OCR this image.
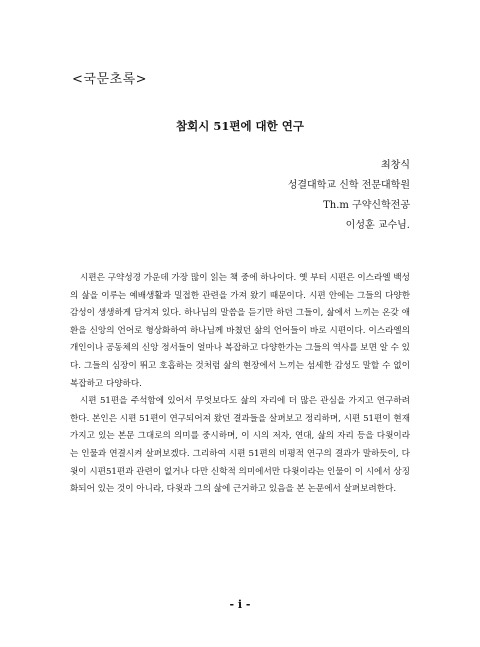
<국문초록>
참회시 51편에 대한 연구
최창식
성결대학교 신학 전문대학원
Th.m 구약신학전공
이성훈 교수님.

시편은 구약성경 가운데 가장 많이 읽는 책 중에 하나이다. 옛 부터 시편은 이스라엘 백성의 삶을 이루는 예배생활과 밀접한 관련을 가져 왔기 때문이다. 시편 안에는 그들의 다양한 감성이 생생하게 담겨져 있다. 하나님의 말씀을 듣기만 하던 그들이, 삶에서 느끼는 온갖 애환을 신앙의 언어로 형상화하여 하나님께 바쳤던 삶의 언어들이 바로 시편이다. 이스라엘의 개인이나 공동체의 신앙 정서들이 얼마나 복잡하고 다양한가는 그들의 역사를 보면 알 수 있다. 그들의 심장이 뛰고 호흡하는 것처럼 삶의 현장에서 느끼는 섬세한 감성도 말할 수 없이 복잡하고 다양하다.

시편 51편을 주석함에 있어서 무엇보다도 삶의 자리에 더 많은 관심을 가지고 연구하려 한다. 본인은 시편 51편이 연구되어져 왔던 결과들을 살펴보고 정리하며, 시편 51편이 현재 가지고 있는 본문 그대로의 의미를 중시하며, 이 시의 저자, 연대, 삶의 자리 등을 다윗이라는 인물과 연결시켜 살펴보겠다. 그리하여 시편 51편의 비평적 연구의 결과가 말하듯이, 다윗이 시편51편과 관련이 없거나 다만 신학적 의미에서만 다윗이라는 인물이 이 시에서 상징화되어 있는 것이 아니라, 다윗과 그의 삶에 근거하고 있음을 본 논문에서 살펴보려한다.

- i -
